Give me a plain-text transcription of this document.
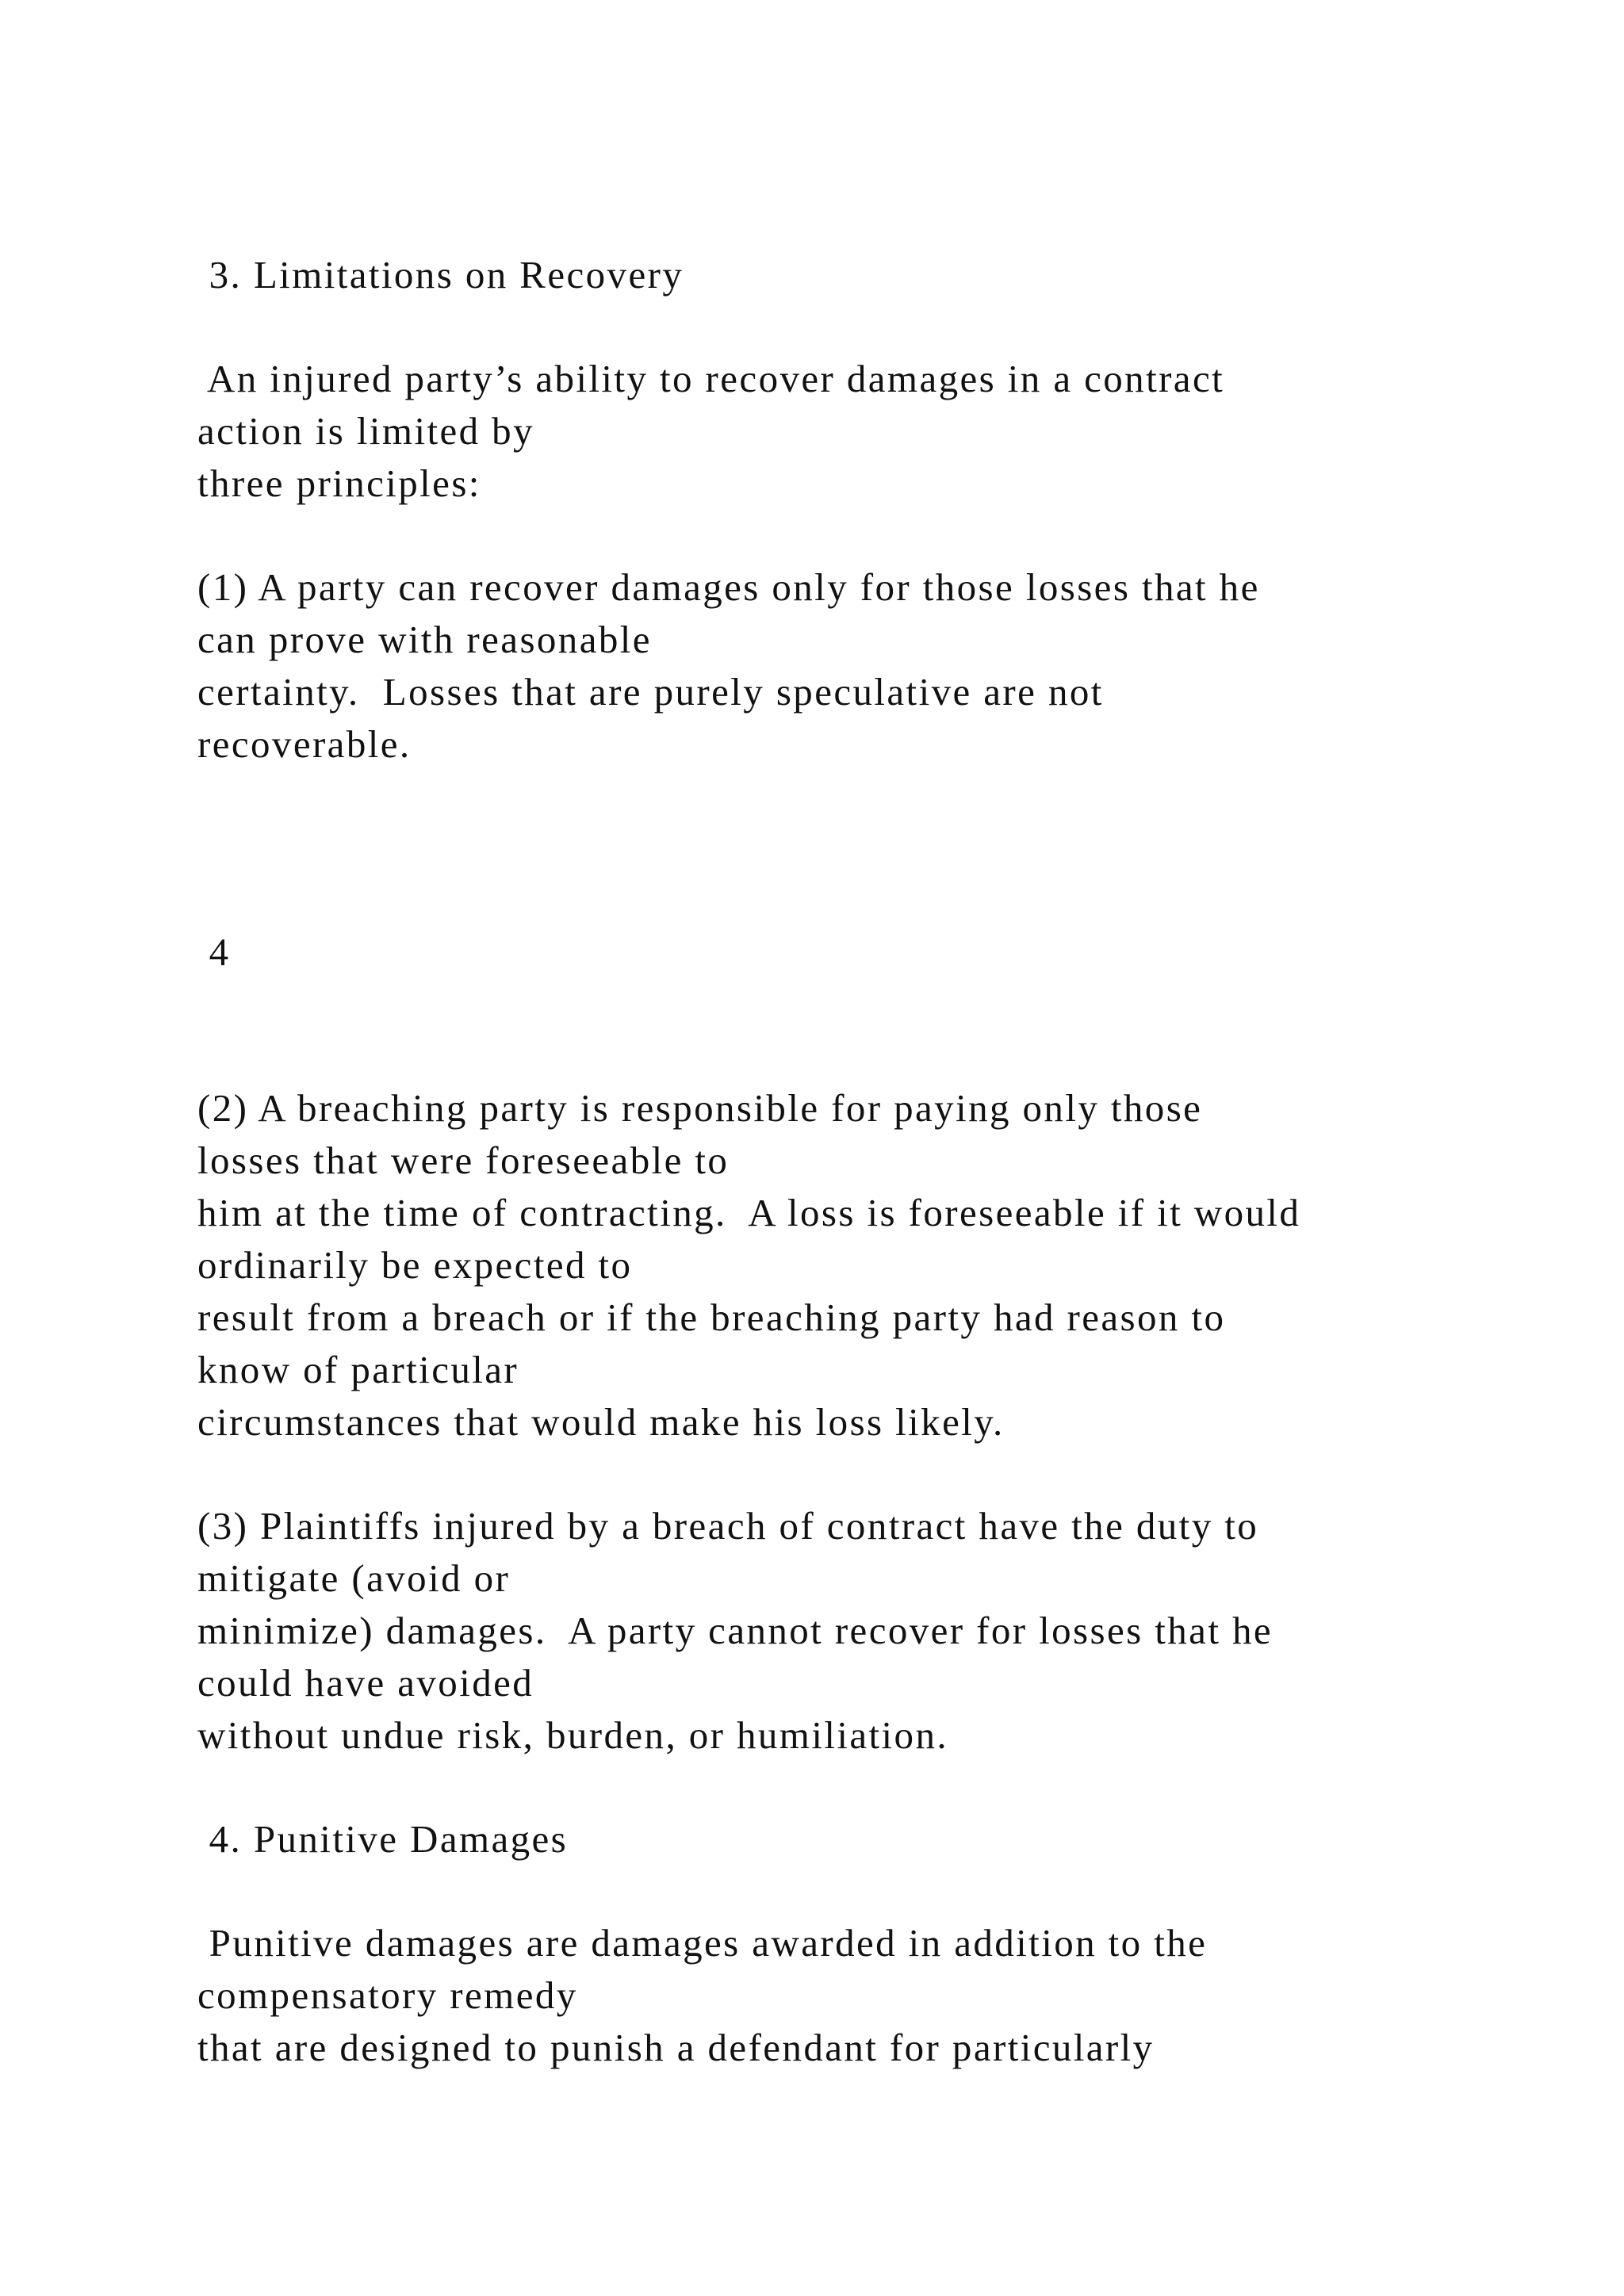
3. Limitations on Recovery

An injured party’s ability to recover damages in a contract

action is limited by

three principles:

(1) A party can recover damages only for those losses that he

can prove with reasonable

certainty.  Losses that are purely speculative are not

recoverable.

4

(2) A breaching party is responsible for paying only those

losses that were foreseeable to

him at the time of contracting.  A loss is foreseeable if it would

ordinarily be expected to

result from a breach or if the breaching party had reason to

know of particular

circumstances that would make his loss likely.

(3) Plaintiffs injured by a breach of contract have the duty to

mitigate (avoid or

minimize) damages.  A party cannot recover for losses that he

could have avoided

without undue risk, burden, or humiliation.

4. Punitive Damages

Punitive damages are damages awarded in addition to the

compensatory remedy

that are designed to punish a defendant for particularly
